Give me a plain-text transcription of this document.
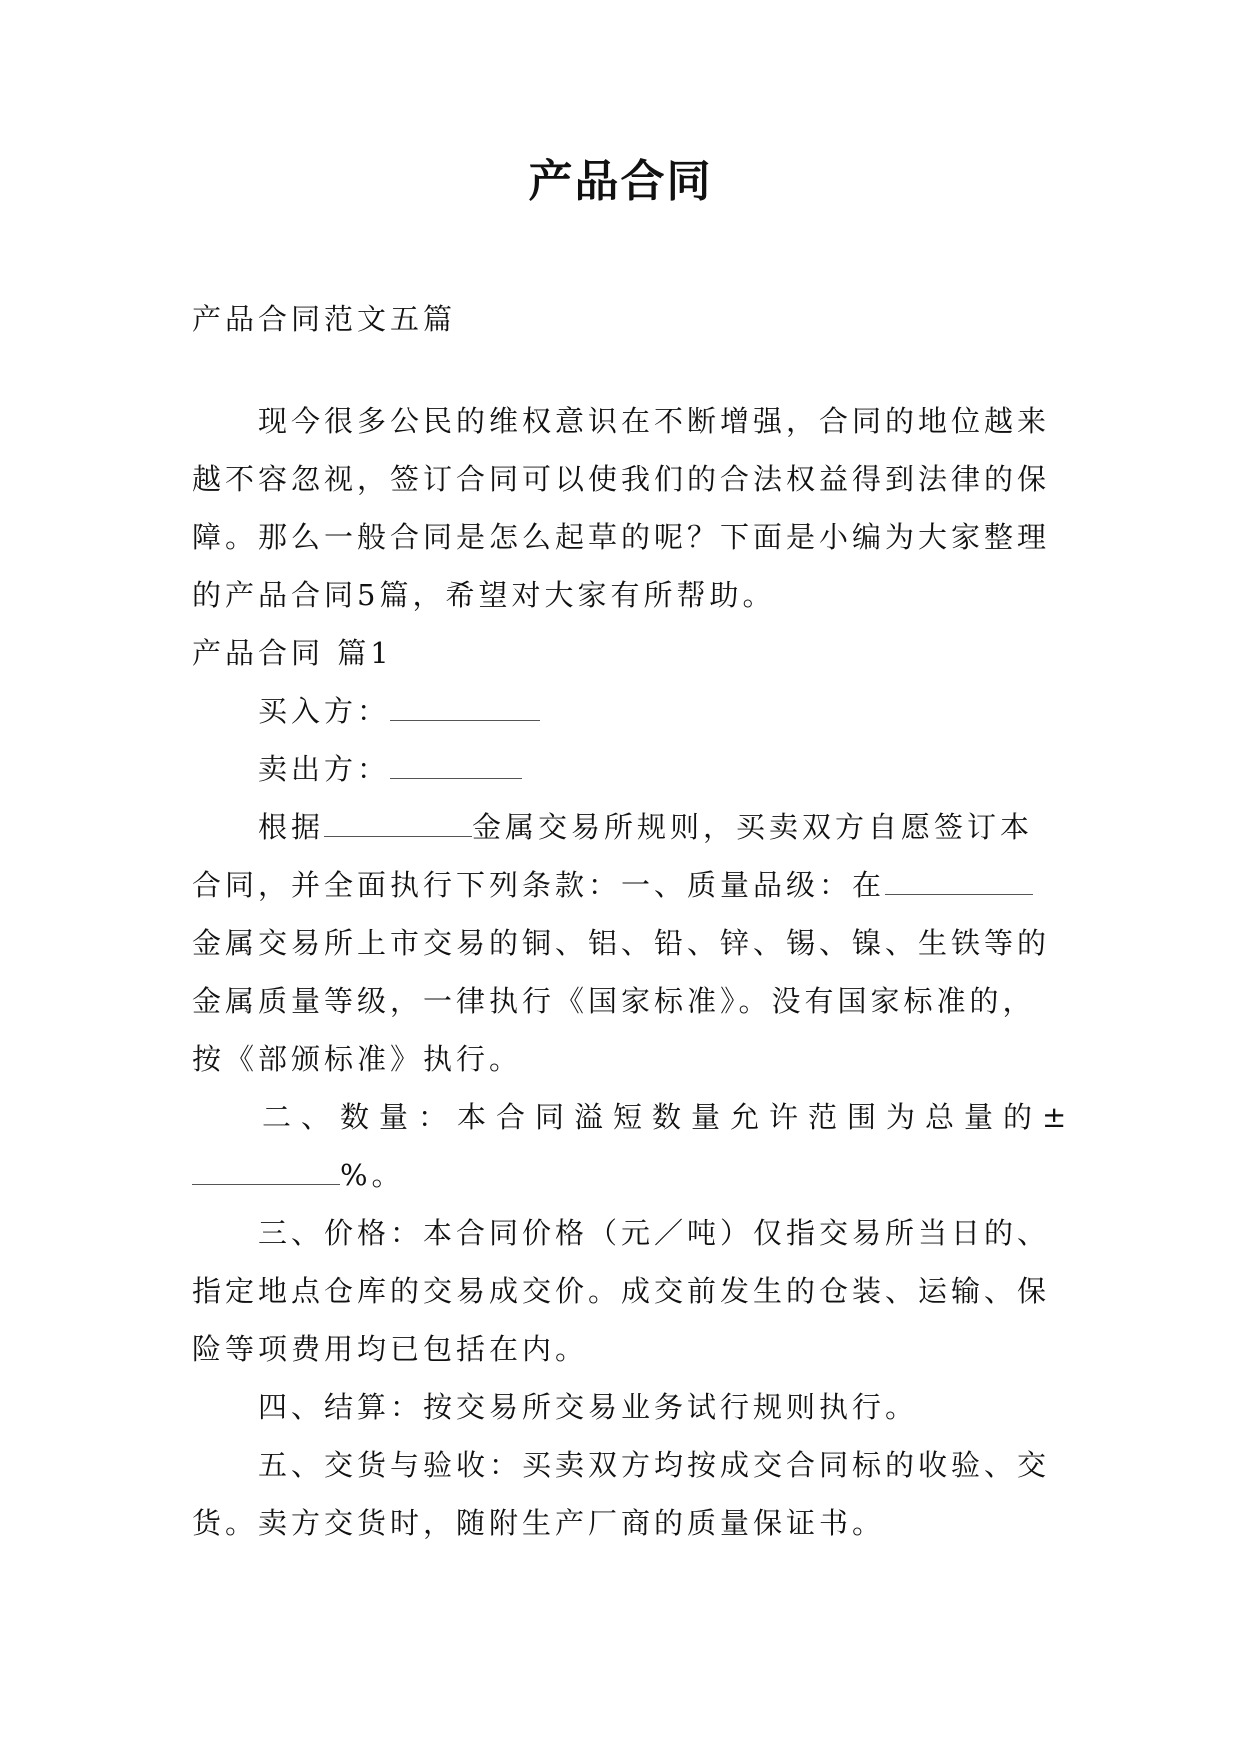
产品合同

产品合同范文五篇

现今很多公民的维权意识在不断增强，合同的地位越来

越不容忽视，签订合同可以使我们的合法权益得到法律的保

障。那么一般合同是怎么起草的呢？下面是小编为大家整理

的产品合同5篇，希望对大家有所帮助。

产品合同 篇1

买入方：

卖出方：

根据	金属交易所规则，买卖双方自愿签订本

合同，并全面执行下列条款：一、质量品级：在

金属交易所上市交易的铜、铝、铅、锌、锡、镍、生铁等的

金属质量等级，一律执行《国家标准》。没有国家标准的，

按《部颁标准》执行。

二、数量：本合同溢短数量允许范围为总量的±

%。

三、价格：本合同价格（元／吨）仅指交易所当日的、

指定地点仓库的交易成交价。成交前发生的仓装、运输、保

险等项费用均已包括在内。

四、结算：按交易所交易业务试行规则执行。

五、交货与验收：买卖双方均按成交合同标的收验、交

货。卖方交货时，随附生产厂商的质量保证书。
